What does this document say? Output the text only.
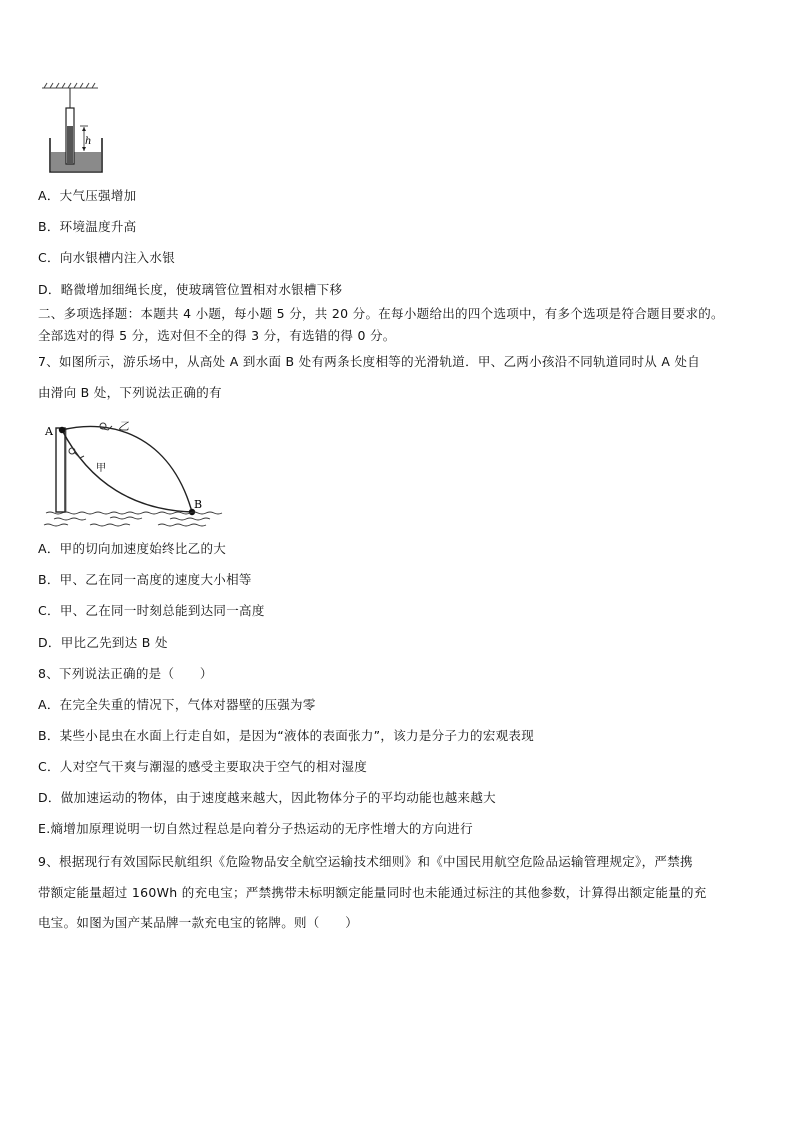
h
A．大气压强增加
B．环境温度升高
C．向水银槽内注入水银
D．略微增加细绳长度，使玻璃管位置相对水银槽下移
二、多项选择题：本题共 4 小题，每小题 5 分，共 20 分。在每小题给出的四个选项中，有多个选项是符合题目要求的。
全部选对的得 5 分，选对但不全的得 3 分，有选错的得 0 分。
7、如图所示，游乐场中，从高处 A 到水面 B 处有两条长度相等的光滑轨道．甲、乙两小孩沿不同轨道同时从 A 处自
由滑向 B 处，下列说法正确的有
A
B
乙
甲
A．甲的切向加速度始终比乙的大
B．甲、乙在同一高度的速度大小相等
C．甲、乙在同一时刻总能到达同一高度
D．甲比乙先到达 B 处
8、下列说法正确的是（　　）
A．在完全失重的情况下，气体对器壁的压强为零
B．某些小昆虫在水面上行走自如，是因为“液体的表面张力”，该力是分子力的宏观表现
C．人对空气干爽与潮湿的感受主要取决于空气的相对湿度
D．做加速运动的物体，由于速度越来越大，因此物体分子的平均动能也越来越大
E.熵增加原理说明一切自然过程总是向着分子热运动的无序性增大的方向进行
9、根据现行有效国际民航组织《危险物品安全航空运输技术细则》和《中国民用航空危险品运输管理规定》，严禁携
带额定能量超过 160Wh 的充电宝；严禁携带未标明额定能量同时也未能通过标注的其他参数，计算得出额定能量的充
电宝。如图为国产某品牌一款充电宝的铭牌。则（　　）
